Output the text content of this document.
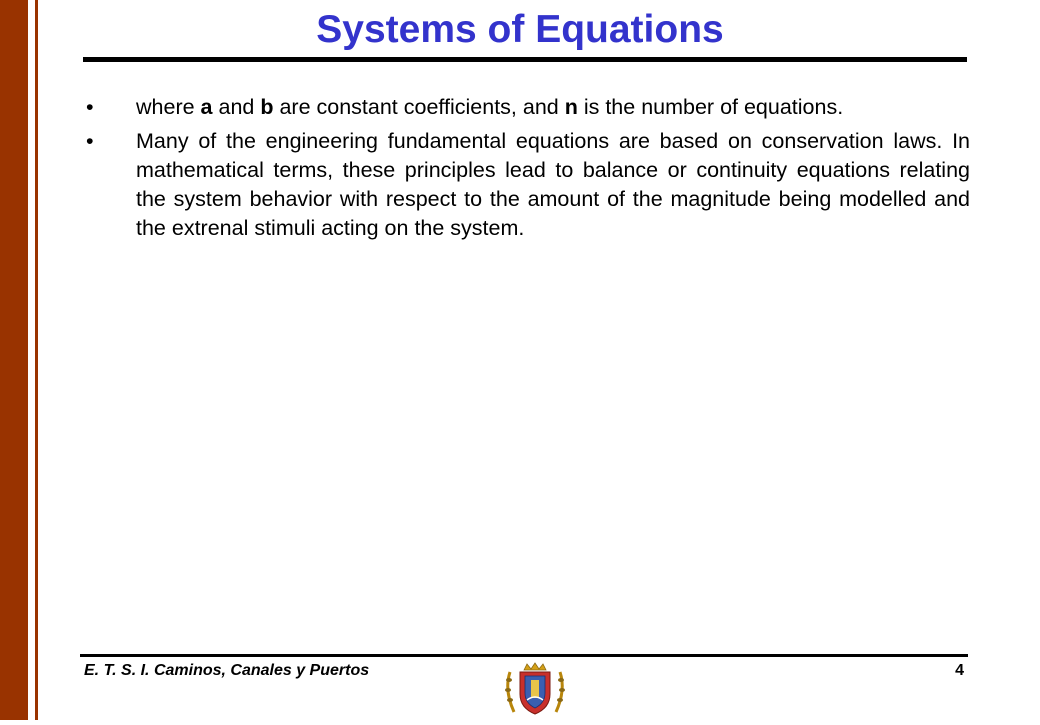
Systems of Equations
• where a and b are constant coefficients, and n is the number of equations.
• Many of the engineering fundamental equations are based on conservation laws. In mathematical terms, these principles lead to balance or continuity equations relating the system behavior with respect to the amount of the magnitude being modelled and the extrenal stimuli acting on the system.
E. T. S. I. Caminos, Canales y Puertos	4
